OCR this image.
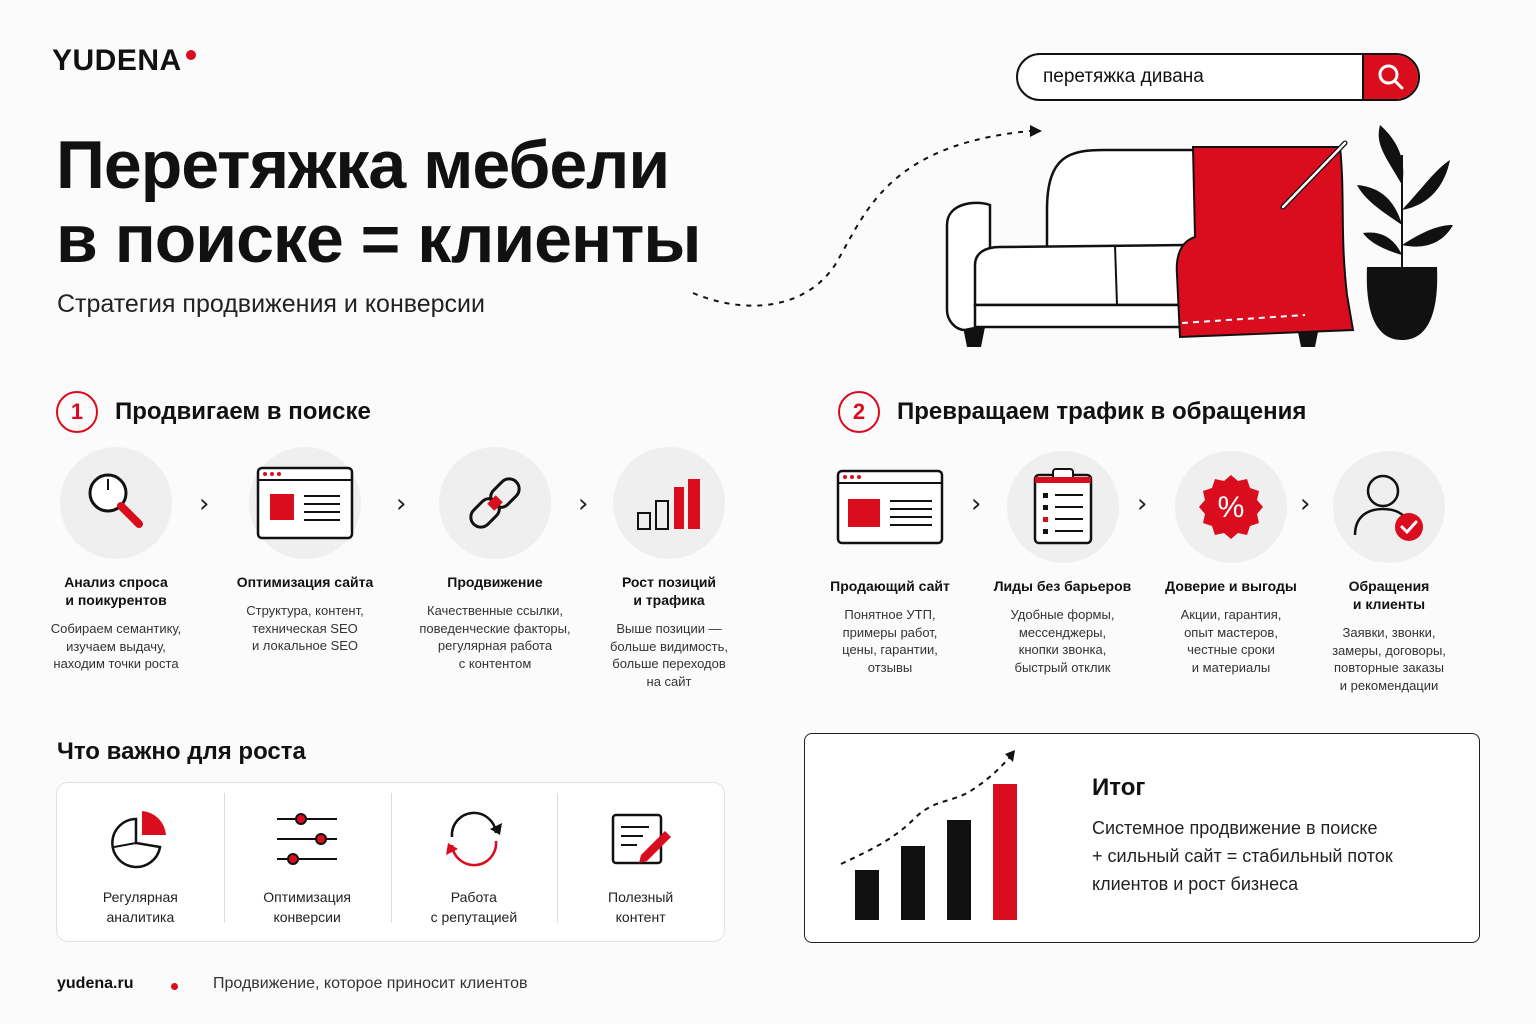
YUDENA	перетяжка дивана
Перетяжка мебели
в поиске = клиенты
Стратегия продвижения и конверсии
1	Продвигаем в поиске
Анализ спроса
и поикурентов
Собираем семантику,
изучаем выдачу,
находим точки роста
›
Оптимизация сайта
Структура, контент,
техническая SEO
и локальное SEO
›
Продвижение
Качественные ссылки,
поведенческие факторы,
регулярная работа
с контентом
›
Рост позиций
и трафика
Выше позиции —
больше видимость,
больше переходов
на сайт
2	Превращаем трафик в обращения
Продающий сайт
Понятное УТП,
примеры работ,
цены, гарантии,
отзывы
›
Лиды без барьеров
Удобные формы,
мессенджеры,
кнопки звонка,
быстрый отклик
› %
Доверие и выгоды
Акции, гарантия,
опыт мастеров,
честные сроки
и материалы
›
Обращения
и клиенты
Заявки, звонки,
замеры, договоры,
повторные заказы
и рекомендации
Что важно для роста
Регулярная
аналитика
Оптимизация
конверсии
Работа
с репутацией
Полезный
контент
Итог
Системное продвижение в поиске
+ сильный сайт = стабильный поток
клиентов и рост бизнеса
yudena.ru	Продвижение, которое приносит клиентов
